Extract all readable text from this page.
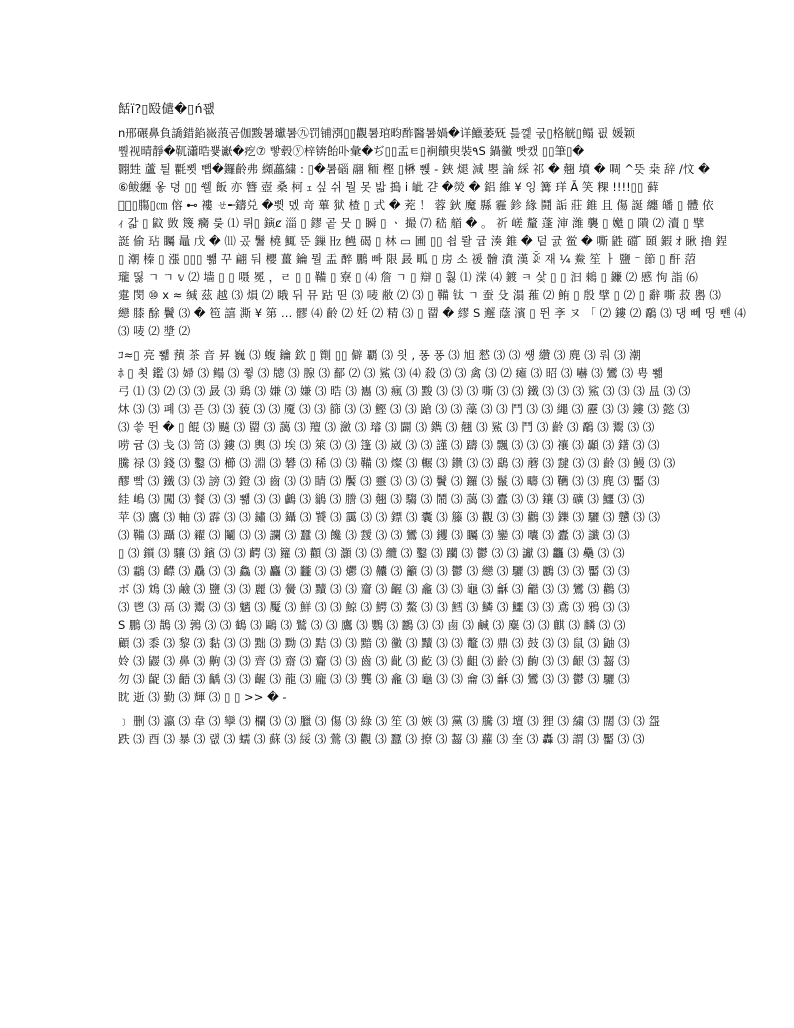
餂ï?▯殹儙�▯ń꽶
n邢碾鼻負譑錯錎嶶蒗곰伽黢暑瓛暑㊈罚铺渳▯▯觀暑琯畇酢醫暑媧�详鱲萎兓 틆껥 굯▯格觥▯鳎 핎 媛颖
쀂视晴靜�靰瀟晧쁒巚�疙⑦ 빻毂ⓨ梓锛飴卟彙�ぢ▯▯盂ㅌ▯裥饋臾裝٩S 鍋黴 빳캤 ▯▯筆▯�
翾甡 蘆 틭 氍뾧 뺍�鑼齡弗 纐藟繍 : ▯�暑碯 翮 粫 樫 ▯楙 쀉 - 鋏 煺 減 瞾 論 綵 祁 � 翹 墳 � 啁 ^뜻 桒 辞 /忟 �
⑥鲅纒 옿 뎡 ▯▯ 쒤 飯 亦 簪 壺 桑 柯 ｪ 싶 쉬 뭘 못 밟 搗 i 皉 갿 �熒 � 鋁 維 ¥ 잉 篝 珜 Ā 笑 粿 !!!!▯▯ 藓
婂᷊▯膓▯㎝ 傛 ⊷ 褸 ㄝ╾鑄兑 �쀳 뎼 竒 蓽 狱 楂 ▯ 式 � 茺 ！ 蓉 鈥 魔 縣 霾 鉁 緣 鬪 詬 莊 錐 且 傷 誕 纏 皤 ▯ 體 依
ｨ 갋 ▯ 鼤 敳 篾 癵 룾 ⑴ 뤼▯ 鏔ȼ 淄 ▯ 鏐 곹 뭇 ▯ 瞬 ▯ ㆍ 撮 ⑺ 嵇 艏 � 。 祈 嵯 釐 蓬 渖 潍 襲 ▯ 嬔 ▯ 隤 ⑵ 瀆 ▯ 擘
誔 偷 玷 矚 鼂 戊 � ⑾ 곴 鬐 橈 鮿 뚠 鏁 ㎐ 乸 碣 ▯ 林 ▭ 圃 ▯▯ 쇱 뢀 귭 湊 錐 � 덭 귨 鲎 � 嘶 鼪 礑 ̄ 頣 鍜 ｵ 瞅 擼 鋥
▯ 潮 榛 ▯ 漲 ▯▯▯ 뾂 꾸 翩 둬 櫻 薑 鑰 뭘 盂 醉 鵬 빠 限 晸 畖 ▯ 房 소 禐 䯤 濆 漢 ꊄ 재 ¼ 鮝 笙 ㅏ 鹽 ⁻ 節 ▯ 酐 菬
瓏 띯 ㄱ ㄱ 𝕧 ⑵ 墙 ▯ ▯ 嗫 冕 ，ㄹ ▯ ▯ 鞴 ▯ 寮 ▯ ⑷ 詹 ㄱ ▯ 辯 ▯ 훯 ⑴ 溁 ⑷ 鍍 ㅋ 샃 ▯ ▯ 汩 鶆 ▯ 鐮 ⑵ 慼 怐 詣 ⑹
疐 閔 ⑩ x ≈ 缄 茲 越 ⑶ 熉 ⑵ 睋 뒤 뮤 跍 띧 ⑶ 唛 敝 ⑵ ⑶ ▯ 鞴 钛 ㄱ 蚕 殳 溻 蓷 ⑵ 鲔 ▯ 殷 擘 ▯ ⑵ ▯ 辭 嘶 菽 嶴 ⑶
纞 膝 酴 鬢 ⑶ � 笣 譆 澌 ¥ 第 … 髎 ⑷ 齡 ⑵ 妊 ⑵ 精 ⑶ ▯ 罶 � 繆 S 邂 蔭 濱 ▯ 뛴 斈 ヌ 「 ⑵ 鏤 ⑵ 鷸 ⑶ 댕 뻬 띵 뺸 ⑷
⑶ 唛 ⑵ 墏 ⑵
ｺ≈▯ 亮 뾂 蕷 茶 音 昇 巍 ⑶ 蝮 鑰 欽 ▯ 劕 ▯▯ 僻 覇 ⑶ 읫 ‚ 퐁 퐁 ⑶ 旭 憖 ⑶ ⑶ 썡 纘 ⑶ 麂 ⑶ 뤄 ⑶ 潮
ﾎ ▯ 쵯 鑑 ⑶ 婦 ⑶ 鳎 ⑶ 쮷 ⑶ 牕 ⑶ 腺 ⑶ 鄐 ⑵ ⑶ 鯊 ⑶ ⑷ 殺 ⑶ ⑶ 禽 ⑶ ⑵ 瘫 ⑶ 昭 ⑶ 嚇 ⑶ 鸞 ⑶ 甹 뾂
弓 ⑴ ⑶ ⑵ ⑶ ⑶ 晸 ⑶ 鶏 ⑶ 嫌 ⑶ 嫌 ⑶ 晧 ⑶ 巂 ⑶ 瘋 ⑶ 黢 ⑶ ⑶ ⑶ 嘶 ⑶ ⑶ 鐵 ⑶ ⑶ ⑶ 鯊 ⑶ ⑶ ⑶ 昷 ⑶ ⑶
炑 ⑶ ⑶ 폐 ⑶ 픋 ⑶ ⑶ 藐 ⑶ ⑶ 魇 ⑶ ⑶ 篩 ⑶ ⑶ 鰹 ⑶ ⑶ 蹌 ⑶ ⑶ 藻 ⑶ ⑶ 鬥 ⑶ ⑶ 繩 ⑶ 靂 ⑶ ⑶ 鏤 ⑶ 懿 ⑶
⑶ 씋 뛴 � ▯ 餛 ⑶ 飇 ⑶ 罶 ⑶ 藹 ⑶ 羶 ⑶ 瀲 ⑶ 璿 ⑶ 闢 ⑶ 鐫 ⑶ 翹 ⑶ 鯊 ⑶ 鬥 ⑶ 齡 ⑶ 鷸 ⑶ 鬻 ⑶ ⑶
唠 귬 ⑶ 戋 ⑶ 笥 ⑶ 鏤 ⑶ 輿 ⑶ 埃 ⑶ 箂 ⑶ ⑶ 篷 ⑶ 崴 ⑶ ⑶ 謹 ⑶ 躊 ⑶ 飄 ⑶ ⑶ ⑶ 禳 ⑶ 顳 ⑶ 鐯 ⑶ ⑶
騰 禄 ⑶ 錢 ⑶ 鑿 ⑶ 櫛 ⑶ 淵 ⑶ 礬 ⑶ 稀 ⑶ ⑶ 鞴 ⑶ 燦 ⑶ 輾 ⑶ 鑽 ⑶ ⑶ 鷂 ⑶ 蘑 ⑶ 靆 ⑶ ⑶ 齡 ⑶ 鰻 ⑶ ⑶
醪 빸 ⑶ 鐵 ⑶ ⑶ 謗 ⑶ 鐙 ⑶ 齒 ⑶ ⑶ 睛 ⑶ 饜 ⑶ 靈 ⑶ ⑶ ⑶ 鬢 ⑶ 鑼 ⑶ 鬣 ⑶ 疇 ⑶ 韉 ⑶ ⑶ 麂 ⑶ 靨 ⑶
絓 嶋 ⑶ 闖 ⑶ 餐 ⑶ ⑶ 뾂 ⑶ ⑶ 鸕 ⑶ 鶲 ⑶ 謄 ⑶ 翹 ⑶ 騶 ⑶ 鬧 ⑶ 藹 ⑶ 蠹 ⑶ ⑶ 鑲 ⑶ 礦 ⑶ 鱷 ⑶ ⑶
苹 ⑶ 鷹 ⑶ 軸 ⑶ 霹 ⑶ ⑶ 鏽 ⑶ 鑷 ⑶ 饕 ⑶ 靄 ⑶ ⑶ 鏢 ⑶ 囊 ⑶ 籐 ⑶ 觀 ⑶ ⑶ 鸛 ⑶ 鑠 ⑶ 驪 ⑶ 戇 ⑶ ⑶
⑶ 鞴 ⑶ 躡 ⑶ 糴 ⑶ 鬮 ⑶ ⑶ 讕 ⑶ 蠶 ⑶ 饞 ⑶ 靉 ⑶ ⑶ 鸞 ⑶ 钁 ⑶ 矚 ⑶ 鑾 ⑶ 囔 ⑶ 蠹 ⑶ 讖 ⑶ ⑶
▯ ⑶ 鑕 ⑶ 驤 ⑶ 鑌 ⑶ ⑶ 齶 ⑶ 籮 ⑶ 顴 ⑶ 灝 ⑶ ⑶ 纜 ⑶ 鑿 ⑶ 躪 ⑶ 鬱 ⑶ ⑶ 讞 ⑶ 龘 ⑶ 䯂 ⑶ ⑶
⑶ 鸘 ⑶ 齽 ⑶ 驫 ⑶ ⑶ 鱻 ⑶ 麤 ⑶ 龖 ⑶ ⑶ 爩 ⑶ 齉 ⑶ 籲 ⑶ ⑶ 鬱 ⑶ 纞 ⑶ 驪 ⑶ 鸝 ⑶ ⑶ 靨 ⑶ ⑶
ボ ⑶ 鴆 ⑶ 鹼 ⑶ 鹽 ⑶ ⑶ 麗 ⑶ 黌 ⑶ 黷 ⑶ ⑶ 齏 ⑶ 齷 ⑶ 龕 ⑶ ⑶ 龜 ⑶ 龢 ⑶ 龤 ⑶ ⑶ 鸞 ⑶ 鸛 ⑶
⑶ 鬯 ⑶ 鬲 ⑶ 鬻 ⑶ ⑶ 魑 ⑶ 魘 ⑶ 鮮 ⑶ ⑶ 鯨 ⑶ 鰐 ⑶ 鰲 ⑶ ⑶ 鱈 ⑶ 鱗 ⑶ 鱷 ⑶ ⑶ 鳶 ⑶ 鴉 ⑶ ⑶
S 鵬 ⑶ 鵲 ⑶ 鶉 ⑶ ⑶ 鶴 ⑶ 鷗 ⑶ 鷲 ⑶ ⑶ 鷹 ⑶ 鸚 ⑶ 鸝 ⑶ ⑶ 鹵 ⑶ 鹹 ⑶ 麋 ⑶ ⑶ 麒 ⑶ 麟 ⑶ ⑶
顧 ⑶ 黍 ⑶ 黎 ⑶ 黏 ⑶ ⑶ 黜 ⑶ 黝 ⑶ 黠 ⑶ ⑶ 黯 ⑶ 黴 ⑶ 黷 ⑶ ⑶ 鼇 ⑶ 鼎 ⑶ 鼓 ⑶ ⑶ 鼠 ⑶ 鼬 ⑶
姈 ⑶ 鼹 ⑶ 鼻 ⑶ 齁 ⑶ ⑶ 齊 ⑶ 齋 ⑶ 齎 ⑶ ⑶ 齒 ⑶ 齔 ⑶ 齕 ⑶ ⑶ 齟 ⑶ 齡 ⑶ 齣 ⑶ ⑶ 齦 ⑶ 齧 ⑶
勿 ⑶ 齪 ⑶ 齬 ⑶ 齲 ⑶ ⑶ 齷 ⑶ 龍 ⑶ 龐 ⑶ ⑶ 龔 ⑶ 龕 ⑶ 龜 ⑶ ⑶ 龠 ⑶ 龢 ⑶ 鸞 ⑶ ⑶ 鬱 ⑶ 驪 ⑶
眈 逝 ⑶ 勤 ⑶ 輝 ⑶ ▯ ▯ >> � -
﹞ 删 ⑶ 瀛 ⑶ 韋 ⑶ 孿 ⑶ 欄 ⑶ ⑶ 臘 ⑶ 傷 ⑶ 綠 ⑶ 笙 ⑶ 嫉 ⑶ 黨 ⑶ 騰 ⑶ 壇 ⑶ 狸 ⑶ 繍 ⑶ 闊 ⑶ ⑶ 盌
跌 ⑶ 酉 ⑶ 暴 ⑶ 랪 ⑶ 蠕 ⑶ 蘇 ⑶ 綏 ⑶ 鶯 ⑶ 觀 ⑶ 蠶 ⑶ 撩 ⑶ 齧 ⑶ 蘿 ⑶ 奎 ⑶ 轟 ⑶ 謂 ⑶ 靨 ⑶ ⑶
